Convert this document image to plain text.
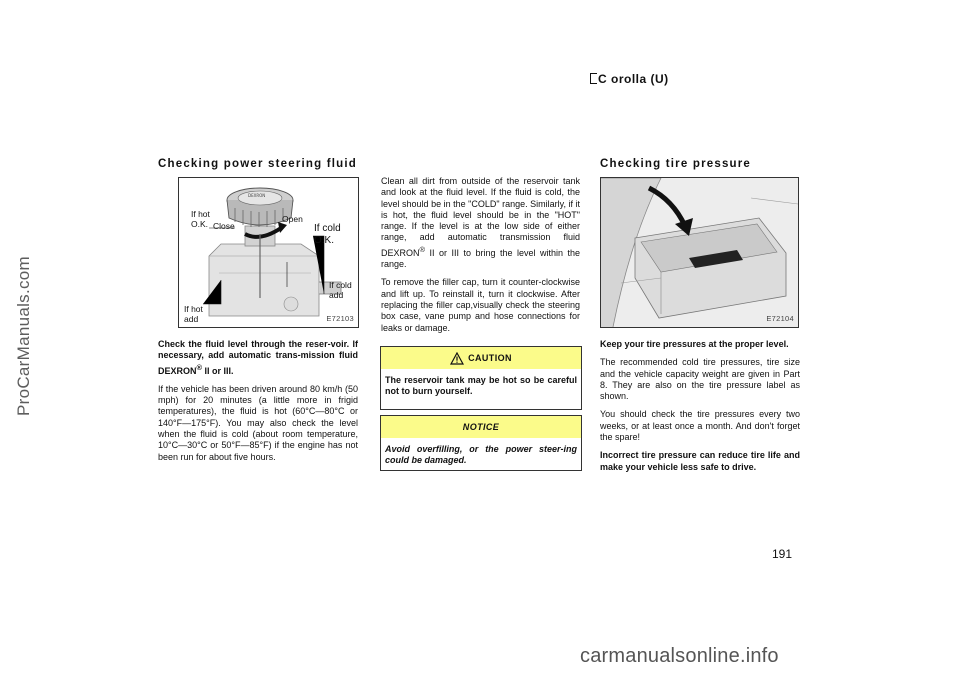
ProCarManuals.com
C orolla (U)
Checking power steering fluid
DEXRON
If hot O.K. Close
Open
If cold O.K.
If cold add
If hot add	E72103

Check the fluid level through the reser-voir. If necessary, add automatic trans-mission fluid DEXRON® II or III.

If the vehicle has been driven around 80 km/h (50 mph) for 20 minutes (a little more in frigid temperatures), the fluid is hot (60°C—80°C or 140°F—175°F). You may also check the level when the fluid is cold (about room temperature, 10°C—30°C or 50°F—85°F) if the engine has not been run for about five hours.

Clean all dirt from outside of the reservoir tank and look at the fluid level. If the fluid is cold, the level should be in the "COLD" range. Similarly, if it is hot, the fluid level should be in the "HOT" range. If the level is at the low side of either range, add automatic transmission fluid DEXRON® II or III to bring the level within the range.

To remove the filler cap, turn it counter-clockwise and lift up. To reinstall it, turn it clockwise. After replacing the filler cap,visually check the steering box case, vane pump and hose connections for leaks or damage.

CAUTION
The reservoir tank may be hot so be careful not to burn yourself.
NOTICE
Avoid overfilling, or the power steer-ing could be damaged.
Checking tire pressure
E72104

Keep your tire pressures at the proper level.

The recommended cold tire pressures, tire size and the vehicle capacity weight are given in Part 8. They are also on the tire pressure label as shown.

You should check the tire pressures every two weeks, or at least once a month. And don't forget the spare!

Incorrect tire pressure can reduce tire life and make your vehicle less safe to drive.

191
carmanualsonline.info
